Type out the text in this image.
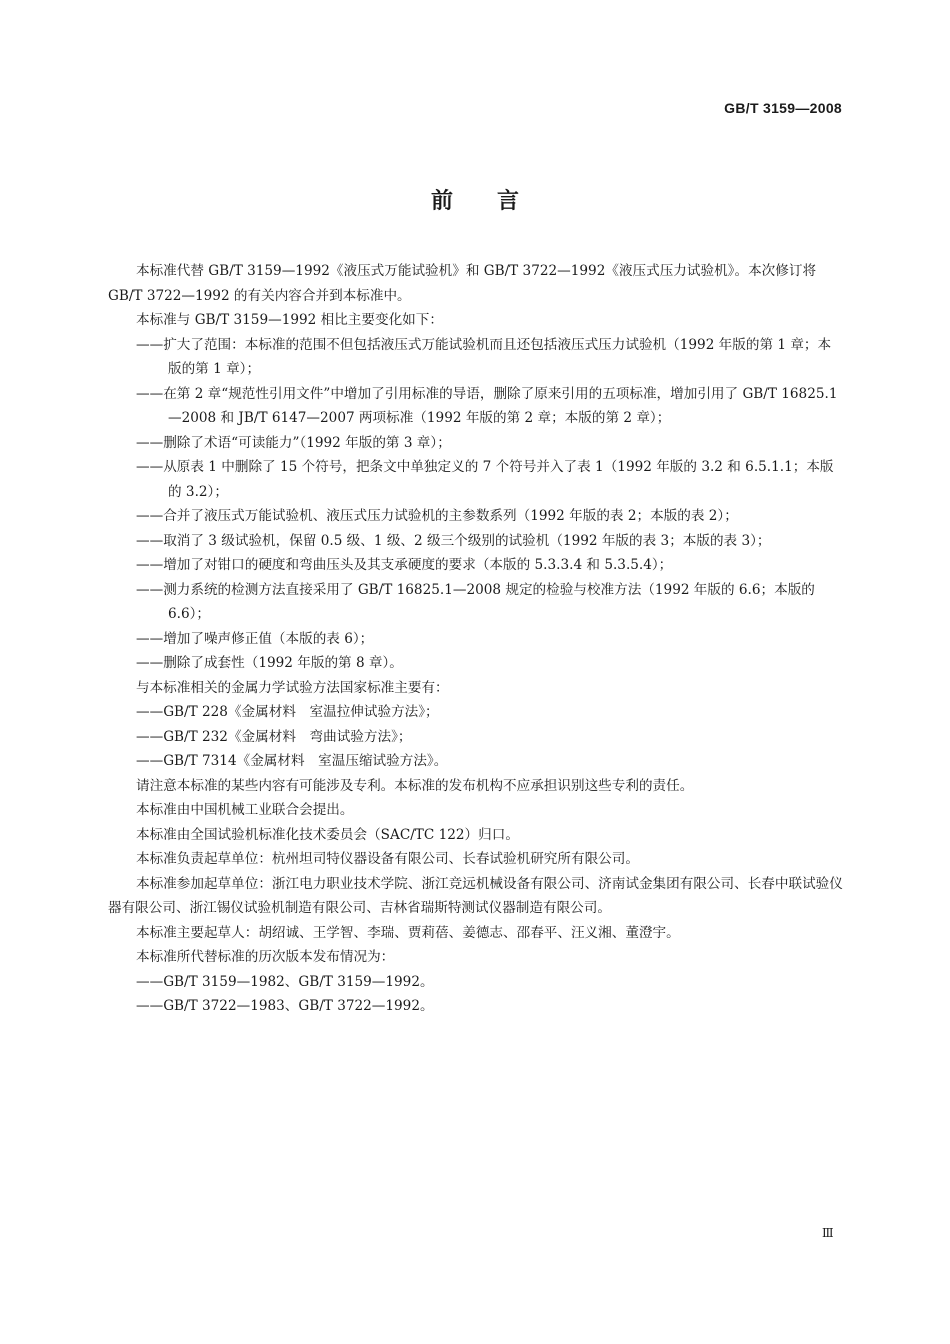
GB/T 3159—2008
前言

本标准代替 GB/T 3159—1992《液压式万能试验机》和 GB/T 3722—1992《液压式压力试验机》。本次修订将 GB/T 3722—1992 的有关内容合并到本标准中。

本标准与 GB/T 3159—1992 相比主要变化如下：

——扩大了范围：本标准的范围不但包括液压式万能试验机而且还包括液压式压力试验机（1992 年版的第 1 章；本版的第 1 章）；

——在第 2 章“规范性引用文件”中增加了引用标准的导语，删除了原来引用的五项标准，增加引用了 GB/T 16825.1—2008 和 JB/T 6147—2007 两项标准（1992 年版的第 2 章；本版的第 2 章）；

——删除了术语“可读能力”（1992 年版的第 3 章）；

——从原表 1 中删除了 15 个符号，把条文中单独定义的 7 个符号并入了表 1（1992 年版的 3.2 和 6.5.1.1；本版的 3.2）；

——合并了液压式万能试验机、液压式压力试验机的主参数系列（1992 年版的表 2；本版的表 2）；

——取消了 3 级试验机，保留 0.5 级、1 级、2 级三个级别的试验机（1992 年版的表 3；本版的表 3）；

——增加了对钳口的硬度和弯曲压头及其支承硬度的要求（本版的 5.3.3.4 和 5.3.5.4）；

——测力系统的检测方法直接采用了 GB/T 16825.1—2008 规定的检验与校准方法（1992 年版的 6.6；本版的 6.6）；

——增加了噪声修正值（本版的表 6）；

——删除了成套性（1992 年版的第 8 章）。

与本标准相关的金属力学试验方法国家标准主要有：

——GB/T 228《金属材料　室温拉伸试验方法》；

——GB/T 232《金属材料　弯曲试验方法》；

——GB/T 7314《金属材料　室温压缩试验方法》。

请注意本标准的某些内容有可能涉及专利。本标准的发布机构不应承担识别这些专利的责任。

本标准由中国机械工业联合会提出。

本标准由全国试验机标准化技术委员会（SAC/TC 122）归口。

本标准负责起草单位：杭州坦司特仪器设备有限公司、长春试验机研究所有限公司。

本标准参加起草单位：浙江电力职业技术学院、浙江竞远机械设备有限公司、济南试金集团有限公司、长春中联试验仪器有限公司、浙江锡仪试验机制造有限公司、吉林省瑞斯特测试仪器制造有限公司。

本标准主要起草人：胡绍诚、王学智、李瑞、贾莉蓓、姜德志、邵春平、汪义湘、董澄宇。

本标准所代替标准的历次版本发布情况为：

——GB/T 3159—1982、GB/T 3159—1992。

——GB/T 3722—1983、GB/T 3722—1992。

Ⅲ
